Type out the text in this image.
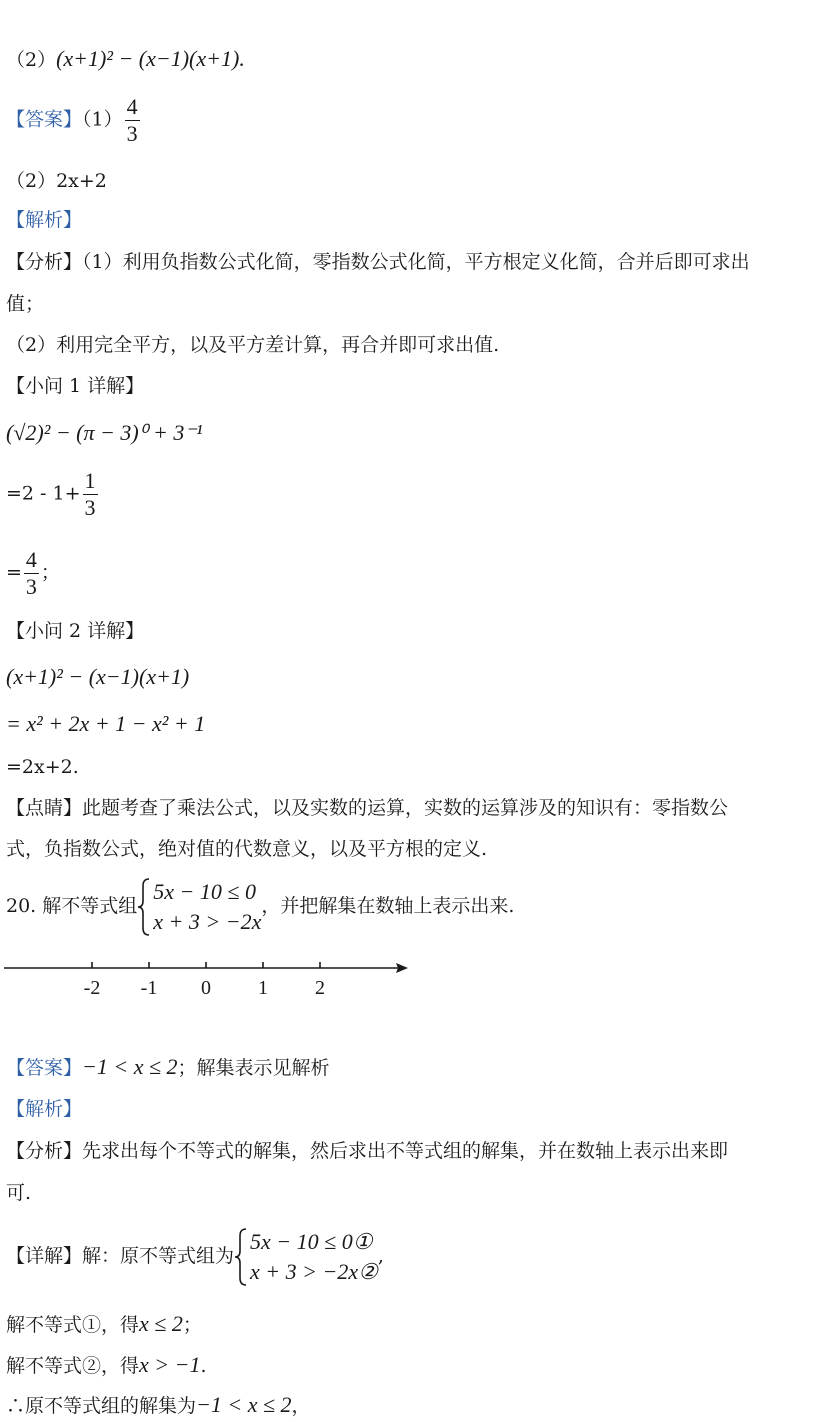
（2）(x+1)² − (x−1)(x+1).
【答案】$(1) \frac{4}{3}$
（2）2x+2
【解析】
【分析】（1）利用负指数公式化简，零指数公式化简，平方根定义化简，合并后即可求出
值；
（2）利用完全平方，以及平方差计算，再合并即可求出值.
【小问 1 详解】
(√2)² − (π − 3)⁰ + 3⁻¹
$=2 - 1+ \frac{1}{3}$
= $\frac{4}{3}$ ；
【小问 2 详解】
(x+1)² − (x−1)(x+1)
= x² + 2x + 1 − x² + 1
=2x+2.
【点睛】此题考查了乘法公式，以及实数的运算，实数的运算涉及的知识有：零指数公
式，负指数公式，绝对值的代数意义，以及平方根的定义.
20. 解不等式组
5x − 10 ≤ 0
x + 3 > −2x
，并把解集在数轴上表示出来.
-2 -1 0 1 2
【答案】−1 < x ≤ 2；解集表示见解析
【解析】
【分析】先求出每个不等式的解集，然后求出不等式组的解集，并在数轴上表示出来即
可.
【详解】解：原不等式组为
5x − 10 ≤ 0①
x + 3 > −2x②
,
解不等式①，得x ≤ 2；
解不等式②，得x > −1.
∴原不等式组的解集为−1 < x ≤ 2，
